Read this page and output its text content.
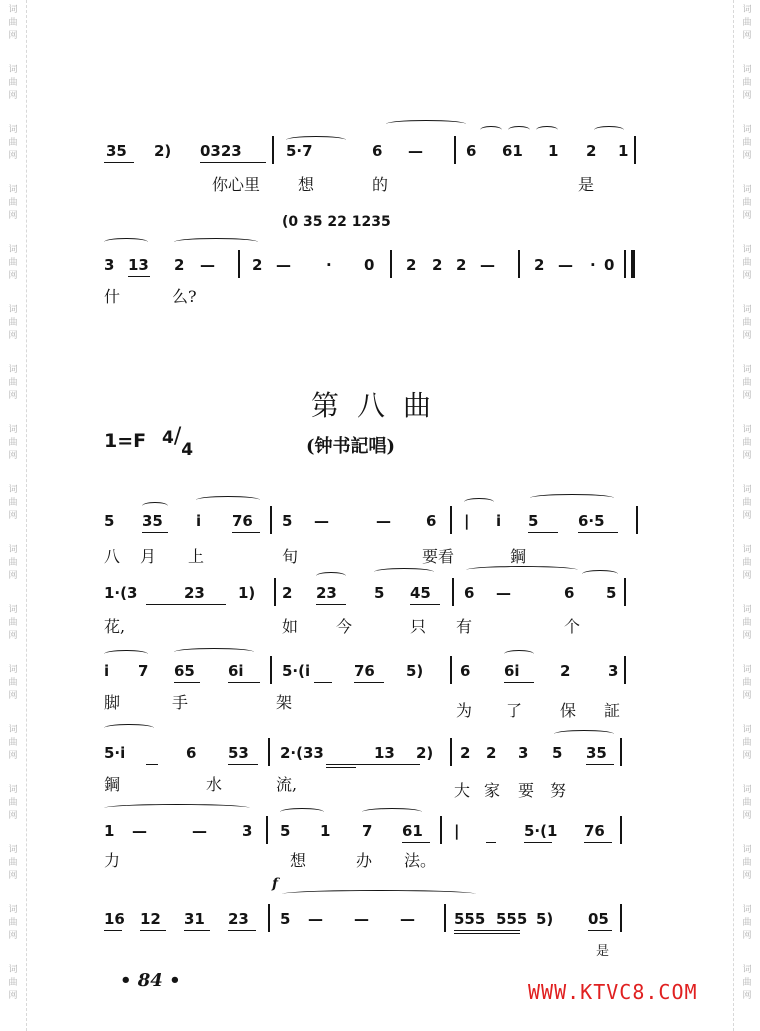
词
曲
网
词
曲
网
词
曲
网
词
曲
网
词
曲
网
词
曲
网
词
曲
网
词
曲
网
词
曲
网
词
曲
网
词
曲
网
词
曲
网
词
曲
网
词
曲
网
词
曲
网
词
曲
网
词
曲
网
词
曲
网
词
曲
网
词
曲
网
词
曲
网
词
曲
网
词
曲
网
词
曲
网
词
曲
网
词
曲
网
词
曲
网
词
曲
网
词
曲
网
词
曲
网
词
曲
网
词
曲
网
词
曲
网
词
曲
网
35 2) 0323	5·7	6 —	6 61 1 2 1
你心里 想	的	是
(0 35 22 1235
3 13 2 — 2 — · 0 2 2 2 —	2 — · 0
什	么?
第八曲
1=F 4/4	(钟书記唱)
5 35 i 76 5 —	— 6 | i 5	6·5
八 月 上	旬	要看	鋼
1·(3	23 1) 2 23 5 45 6 —	6 5
花,	如 今	只 有	个
i 7 65 6i	5·(i	76 5) 6 6i	2	3
脚	手	架	为 了 保 証
5·i	6 53 2·(33	13 2) 2 2 3 5 35
鋼	水	流,	大 家 要 努
1 —	— 3 5 1 7 61 |	5·(1 76
力	想	办 法。
f
16 12 31 23 5 — — —	555 555 5) 05
是
• 84 •	WWW.KTVC8.COM
